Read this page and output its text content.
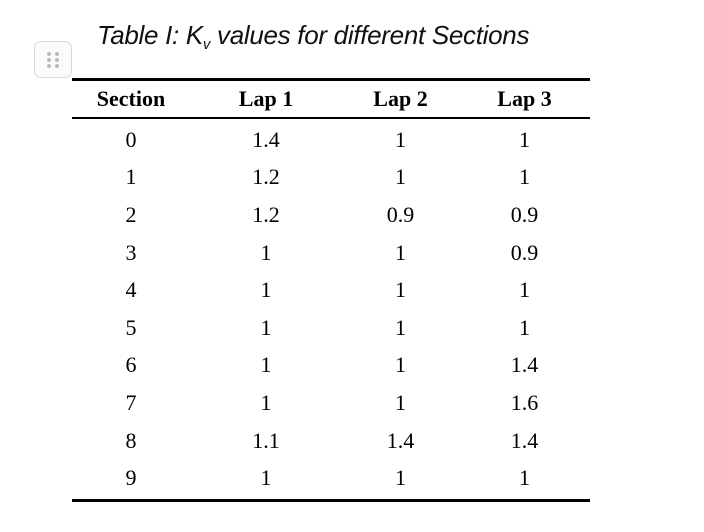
Table I: $K_v$ values for different Sections
Section	Lap 1	Lap 2	Lap 3
0	1.4	1	1
1	1.2	1	1
2	1.2	0.9	0.9
3	1	1	0.9
4	1	1	1
5	1	1	1
6	1	1	1.4
7	1	1	1.6
8	1.1	1.4	1.4
9	1	1	1
